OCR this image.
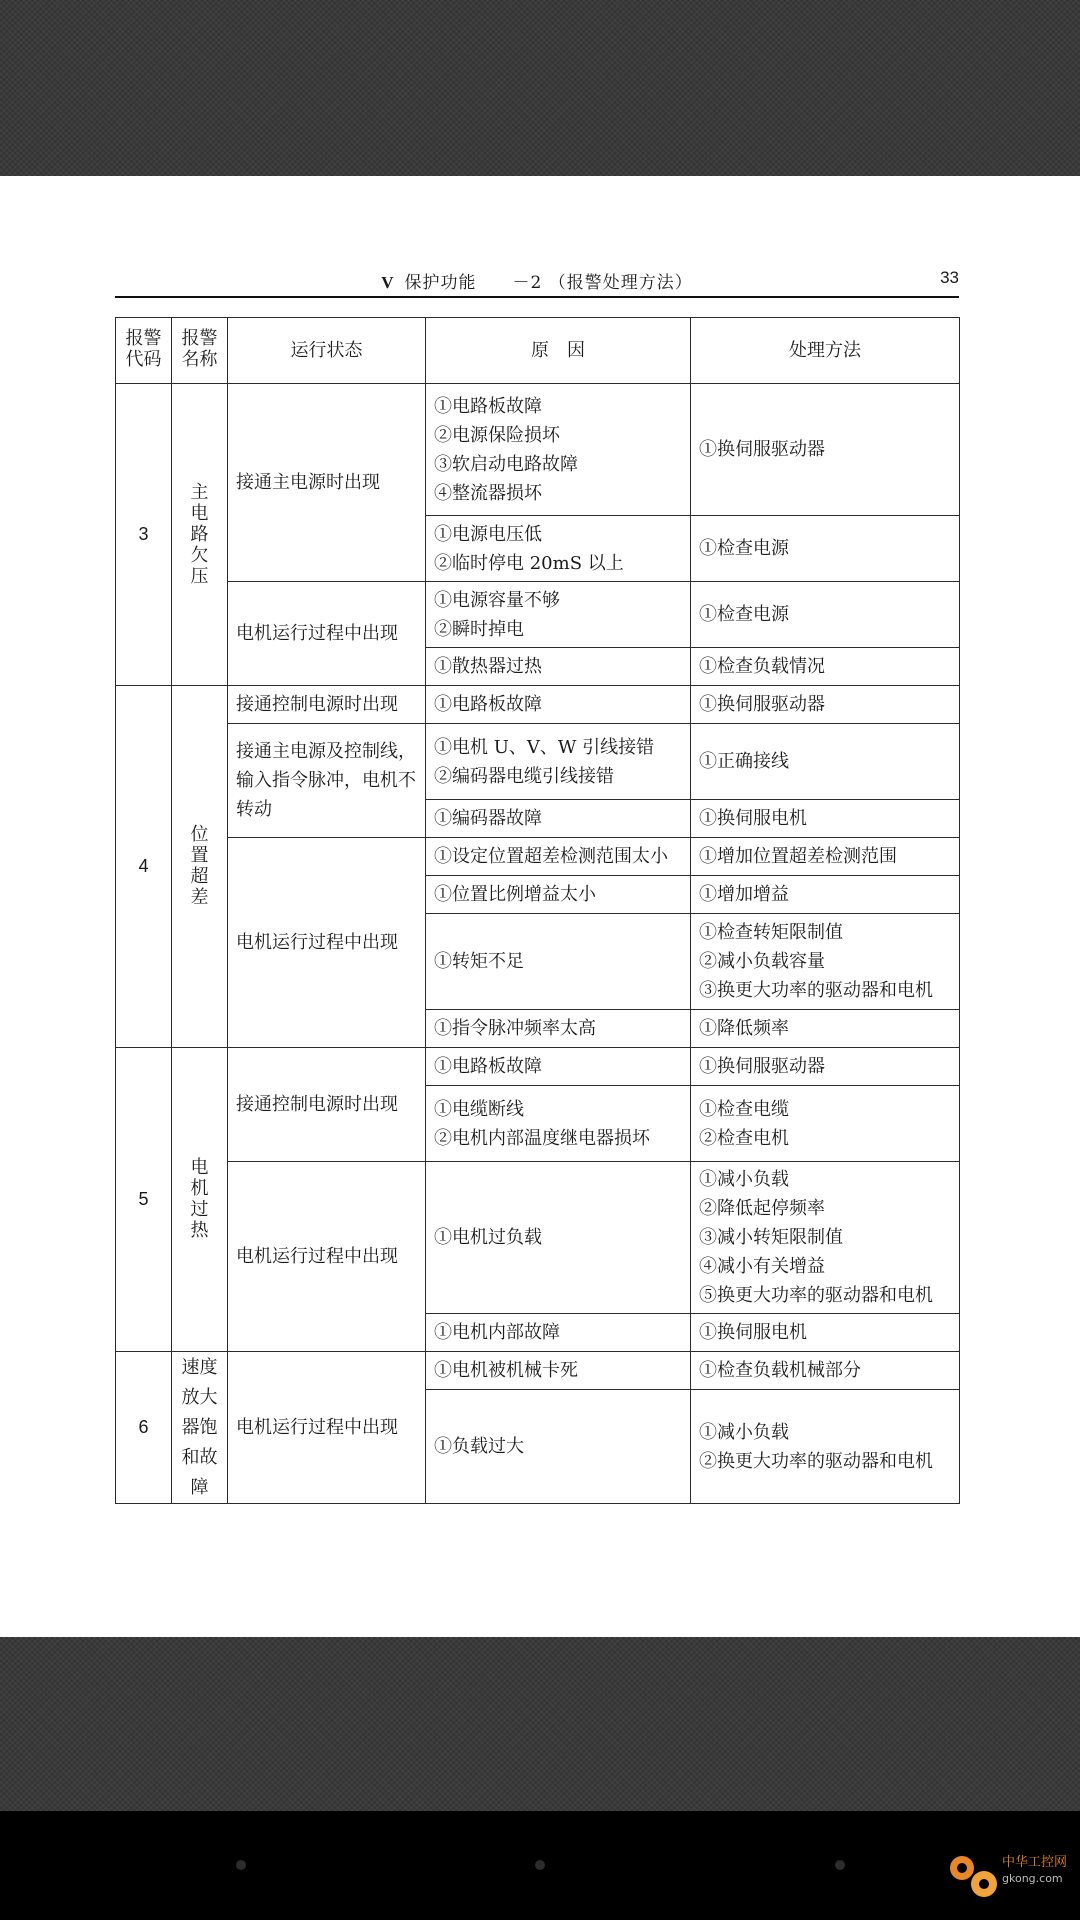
V 保护功能　　－2 （报警处理方法）	33
报警代码	报警名称	运行状态	原　因	处理方法
3	主电路欠压	接通主电源时出现	①电路板故障
②电源保险损坏
③软启动电路故障
④整流器损坏	①换伺服驱动器

			①电源电压低
②临时停电 20mS 以上	①检查电源

		电机运行过程中出现	①电源容量不够
②瞬时掉电	①检查电源

			①散热器过热	①检查负载情况

4	位置超差	接通控制电源时出现	①电路板故障	①换伺服驱动器

		接通主电源及控制线，输入指令脉冲，电机不转动	①电机 U、V、W 引线接错
②编码器电缆引线接错	①正确接线

			①编码器故障	①换伺服电机

		电机运行过程中出现	①设定位置超差检测范围太小	①增加位置超差检测范围

			①位置比例增益太小	①增加增益

			①转矩不足	①检查转矩限制值
②减小负载容量
③换更大功率的驱动器和电机

			①指令脉冲频率太高	①降低频率

5	电机过热	接通控制电源时出现	①电路板故障	①换伺服驱动器

			①电缆断线
②电机内部温度继电器损坏	①检查电缆
②检查电机

		电机运行过程中出现	①电机过负载	①减小负载
②降低起停频率
③减小转矩限制值
④减小有关增益
⑤换更大功率的驱动器和电机

			①电机内部故障	①换伺服电机

6	速度放大器饱和故障	电机运行过程中出现	①电机被机械卡死	①检查负载机械部分

			①负载过大	①减小负载
②换更大功率的驱动器和电机
中华工控网
gkong.com
